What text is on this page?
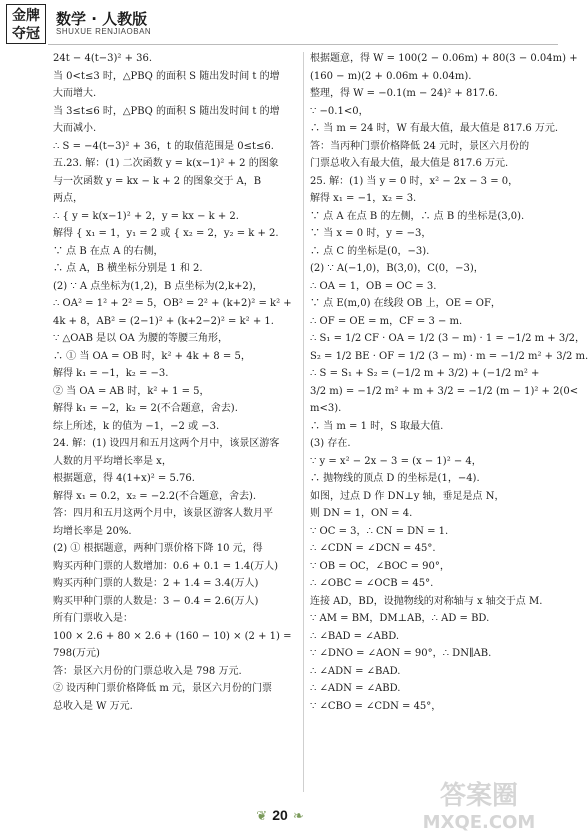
金牌
夺冠
数学 · 人教版
SHUXUE RENJIAOBAN
24t − 4(t−3)² + 36.
当 0<t≤3 时，△PBQ 的面积 S 随出发时间 t 的增
大而增大.
当 3≤t≤6 时，△PBQ 的面积 S 随出发时间 t 的增
大而减小.
∴ S = −4(t−3)² + 36，t 的取值范围是 0≤t≤6.
五.23. 解：(1) 二次函数 y = k(x−1)² + 2 的图象
与一次函数 y = kx − k + 2 的图象交于 A，B
两点，
∴ { y = k(x−1)² + 2，y = kx − k + 2.
解得 { x₁ = 1，y₁ = 2 或 { x₂ = 2，y₂ = k + 2.
∵ 点 B 在点 A 的右侧，
∴ 点 A，B 横坐标分别是 1 和 2.
(2) ∵ A 点坐标为(1,2)，B 点坐标为(2,k+2)，
∴ OA² = 1² + 2² = 5，OB² = 2² + (k+2)² = k² +
4k + 8，AB² = (2−1)² + (k+2−2)² = k² + 1.
∵ △OAB 是以 OA 为腰的等腰三角形，
∴ ① 当 OA = OB 时，k² + 4k + 8 = 5，
解得 k₁ = −1，k₂ = −3.
② 当 OA = AB 时，k² + 1 = 5，
解得 k₁ = −2，k₂ = 2(不合题意，舍去).
综上所述，k 的值为 −1，−2 或 −3.
24. 解：(1) 设四月和五月这两个月中，该景区游客
人数的月平均增长率是 x，
根据题意，得 4(1+x)² = 5.76.
解得 x₁ = 0.2，x₂ = −2.2(不合题意，舍去).
答：四月和五月这两个月中，该景区游客人数月平
均增长率是 20%.
(2) ① 根据题意，两种门票价格下降 10 元，得
购买丙种门票的人数增加：0.6 + 0.1 = 1.4(万人)
购买丙种门票的人数是：2 + 1.4 = 3.4(万人)
购买甲种门票的人数是：3 − 0.4 = 2.6(万人)
所有门票收入是：
100 × 2.6 + 80 × 2.6 + (160 − 10) × (2 + 1) =
798(万元)
答：景区六月份的门票总收入是 798 万元.
② 设丙种门票价格降低 m 元，景区六月份的门票
总收入是 W 万元.
根据题意，得 W = 100(2 − 0.06m) + 80(3 − 0.04m) +
(160 − m)(2 + 0.06m + 0.04m).
整理，得 W = −0.1(m − 24)² + 817.6.
∵ −0.1<0，
∴ 当 m = 24 时，W 有最大值，最大值是 817.6 万元.
答：当丙种门票价格降低 24 元时，景区六月份的
门票总收入有最大值，最大值是 817.6 万元.
25. 解：(1) 当 y = 0 时，x² − 2x − 3 = 0，
解得 x₁ = −1，x₂ = 3.
∵ 点 A 在点 B 的左侧，∴ 点 B 的坐标是(3,0).
∵ 当 x = 0 时，y = −3，
∴ 点 C 的坐标是(0，−3).
(2) ∵ A(−1,0)，B(3,0)，C(0，−3)，
∴ OA = 1，OB = OC = 3.
∵ 点 E(m,0) 在线段 OB 上，OE = OF，
∴ OF = OE = m，CF = 3 − m.
∴ S₁ = 1/2 CF · OA = 1/2 (3 − m) · 1 = −1/2 m + 3/2，
S₂ = 1/2 BE · OF = 1/2 (3 − m) · m = −1/2 m² + 3/2 m.
∴ S = S₁ + S₂ = (−1/2 m + 3/2) + (−1/2 m² +
3/2 m) = −1/2 m² + m + 3/2 = −1/2 (m − 1)² + 2(0<
m<3).
∴ 当 m = 1 时，S 取最大值.
(3) 存在.
∵ y = x² − 2x − 3 = (x − 1)² − 4，
∴ 抛物线的顶点 D 的坐标是(1，−4).
如图，过点 D 作 DN⊥y 轴，垂足是点 N，
则 DN = 1，ON = 4.
∵ OC = 3，∴ CN = DN = 1.
∴ ∠CDN = ∠DCN = 45°.
∵ OB = OC，∠BOC = 90°，
∴ ∠OBC = ∠OCB = 45°.
连接 AD，BD，设抛物线的对称轴与 x 轴交于点 M.
∵ AM = BM，DM⊥AB，∴ AD = BD.
∴ ∠BAD = ∠ABD.
∵ ∠DNO = ∠AON = 90°，∴ DN∥AB.
∴ ∠ADN = ∠BAD.
∴ ∠ADN = ∠ABD.
∵ ∠CBO = ∠CDN = 45°，
❦ 20 ❧
答案圈
MXQE.COM
